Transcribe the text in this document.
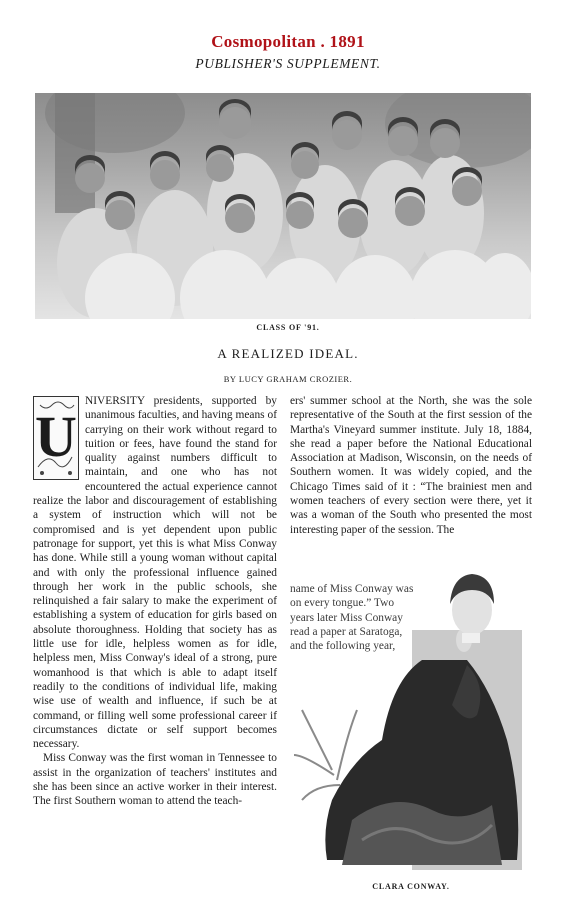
Cosmopolitan . 1891
PUBLISHER'S SUPPLEMENT.
CLASS OF '91.
A REALIZED IDEAL.
BY LUCY GRAHAM CROZIER.
U

NIVERSITY presidents, supported by unanimous faculties, and having means of carrying on their work without regard to tuition or fees, have found the stand for quality against numbers difficult to maintain, and one who has not encountered the actual experience cannot realize the labor and discouragement of establishing a system of instruction which will not be compromised and is yet dependent upon public patronage for support, yet this is what Miss Conway has done. While still a young woman without capital and with only the professional influence gained through her work in the public schools, she relinquished a fair salary to make the experiment of establishing a system of education for girls based on absolute thoroughness. Holding that society has as little use for idle, helpless women as for idle, helpless men, Miss Conway's ideal of a strong, pure womanhood is that which is able to adapt itself readily to the conditions of individual life, making wise use of wealth and influence, if such be at command, or filling well some professional career if circumstances dictate or self support becomes necessary.

Miss Conway was the first woman in Tennessee to assist in the organization of teachers' institutes and she has been since an active worker in their interest. The first Southern woman to attend the teach-

ers' summer school at the North, she was the sole representative of the South at the first session of the Martha's Vineyard summer institute. July 18, 1884, she read a paper before the National Educational Association at Madison, Wisconsin, on the needs of Southern women. It was widely copied, and the Chicago Times said of it : “The brainiest men and women teachers of every section were there, yet it was a woman of the South who presented the most interesting paper of the session. The

name of Miss Conway was on every tongue.” Two years later Miss Conway read a paper at Saratoga, and the following year,
CLARA CONWAY.
